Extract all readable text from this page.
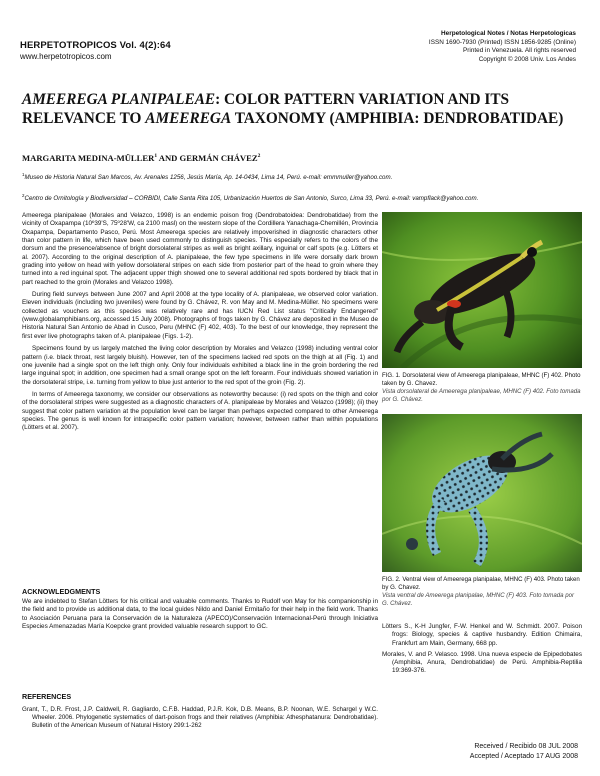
HERPETOTROPICOS Vol. 4(2):64
www.herpetotropicos.com
Herpetological Notes / Notas Herpetologicas
ISSN 1690-7930 (Printed) ISSN 1856-9285 (Online)
Printed in Venezuela. All rights reserved
Copyright © 2008 Univ. Los Andes
AMEEREGA PLANIPALEAE: COLOR PATTERN VARIATION AND ITS RELEVANCE TO AMEEREGA TAXONOMY (AMPHIBIA: DENDROBATIDAE)
MARGARITA MEDINA-MÜLLER$^1$ AND GERMÁN CHÁVEZ$^2$
$^1$Museo de Historia Natural San Marcos, Av. Arenales 1256, Jesús María, Ap. 14-0434, Lima 14, Perú. e-mail: emmmuller@yahoo.com.
$^2$Centro de Ornitología y Biodiversidad – CORBIDI, Calle Santa Rita 105, Urbanización Huertos de San Antonio, Surco, Lima 33, Perú. e-mail: vampflack@yahoo.com.

Ameerega planipaleae (Morales and Velazco, 1998) is an endemic poison frog (Dendrobatoidea: Dendrobatidae) from the vicinity of Oxapampa (10º39'S, 75º28'W, ca 2100 masl) on the western slope of the Cordillera Yanachaga-Chemillén, Provincia Oxapampa, Departamento Pasco, Perú. Most Ameerega species are relatively impoverished in diagnostic characters other than color pattern in life, which have been used commonly to distinguish species. This especially refers to the colors of the dorsum and the presence/absence of bright dorsolateral stripes as well as bright axillary, inguinal or calf spots (e.g. Lötters et al. 2007). According to the original description of A. planipaleae, the few type specimens in life were dorsally dark brown grading into yellow on head with yellow dorsolateral stripes on each side from posterior part of the head to groin where they turned into a red inguinal spot. The adjacent upper thigh showed one to several additional red spots bordered by black that in part reached to the groin (Morales and Velazco 1998).

During field surveys between June 2007 and April 2008 at the type locality of A. planipaleae, we observed color variation. Eleven individuals (including two juveniles) were found by G. Chávez, R. von May and M. Medina-Müller. No specimens were collected as vouchers as this species was relatively rare and has IUCN Red List status "Critically Endangered" (www.globalamphibians.org, accessed 15 July 2008). Photographs of frogs taken by G. Chávez are deposited in the Museo de Historia Natural San Antonio de Abad in Cusco, Peru (MHNC (F) 402, 403). To the best of our knowledge, they represent the first ever live photographs taken of A. planipaleae (Figs. 1-2).

Specimens found by us largely matched the living color description by Morales and Velazco (1998) including ventral color pattern (i.e. black throat, rest largely bluish). However, ten of the specimens lacked red spots on the thigh at all (Fig. 1) and one juvenile had a single spot on the left thigh only. Only four individuals exhibited a black line in the groin bordering the red large inguinal spot; in addition, one specimen had a small orange spot on the left forearm. Four individuals showed variation in the dorsolateral stripe, i.e. turning from yellow to blue just anterior to the red spot of the groin (Fig. 2).

In terms of Ameerega taxonomy, we consider our observations as noteworthy because: (i) red spots on the thigh and color of the dorsolateral stripes were suggested as a diagnostic characters of A. planipaleae by Morales and Velazco (1998); (ii) they suggest that color pattern variation at the population level can be larger than perhaps expected compared to other Ameerega species. The genus is well known for intraspecific color pattern variation; however, between rather than within populations (Lötters et al. 2007).

ACKNOWLEDGMENTS
We are indebted to Stefan Lötters for his critical and valuable comments. Thanks to Rudolf von May for his companionship in the field and to provide us additional data, to the local guides Nildo and Daniel Ermitaño for their help in the field work. Thanks to Asociación Peruana para la Conservación de la Naturaleza (APECO)/Conservación Internacional-Perú through Iniciativa Especies Amenazadas María Koepcke grant provided valuable research support to GC.
REFERENCES
Grant, T., D.R. Frost, J.P. Caldwell, R. Gagliardo, C.F.B. Haddad, P.J.R. Kok, D.B. Means, B.P. Noonan, W.E. Schargel y W.C. Wheeler. 2006. Phylogenetic systematics of dart-poison frogs and their relatives (Amphibia: Athesphatanura: Dendrobatidae). Bulletin of the American Museum of Natural History 299:1-262
FIG. 1. Dorsolateral view of Ameerega planipaleae, MHNC (F) 402. Photo taken by G. Chavez.
Vista dorsolateral de Ameerega planipaleae, MHNC (F) 402. Foto tomada por G. Chávez.
FIG. 2. Ventral view of Ameerega planipalae, MHNC (F) 403. Photo taken by G. Chavez.
Vista ventral de Ameerega planipalae, MHNC (F) 403. Foto tomada por G. Chávez.
Lötters S., K-H Jungfer, F-W. Henkel and W. Schmidt. 2007. Poison frogs: Biology, species & captive husbandry. Edition Chimaira, Frankfurt am Main, Germany, 668 pp.
Morales, V. and P. Velasco. 1998. Una nueva especie de Epipedobates (Amphibia, Anura, Dendrobatidae) de Perú. Amphibia-Reptilia 19:369-376.
Received / Recibido 08 JUL 2008
Accepted / Aceptado 17 AUG 2008
